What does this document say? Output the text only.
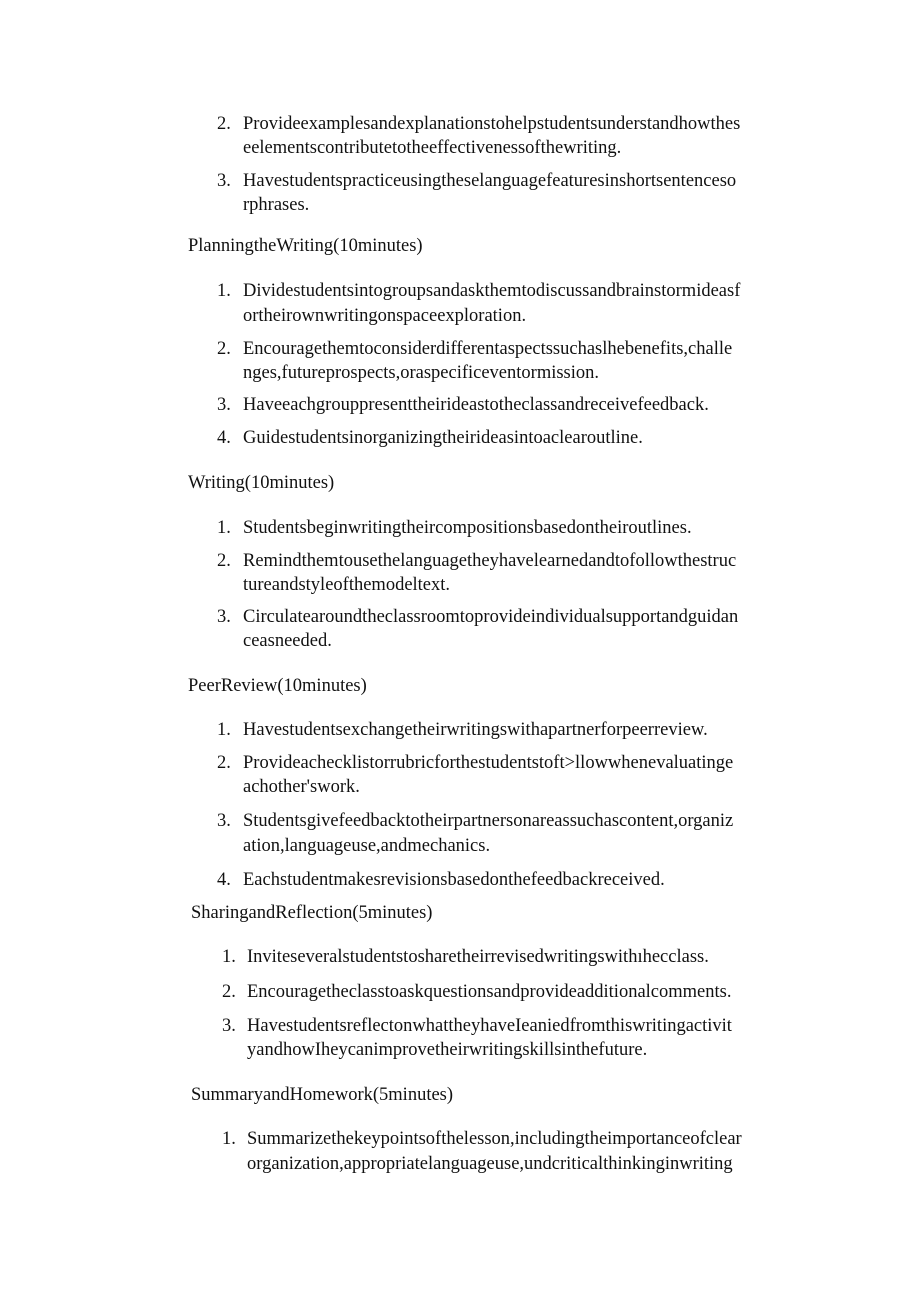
2. Provideexamplesandexplanationstohelpstudentsunderstandhowthes
eelementscontributetotheeffectivenessofthewriting.
3. Havestudentspracticeusingtheselanguagefeaturesinshortsentenceso
rphrases.
PlanningtheWriting(10minutes)
1. Dividestudentsintogroupsandaskthemtodiscussandbrainstormideasf
ortheirownwritingonspaceexploration.
2. Encouragethemtoconsiderdifferentaspectssuchaslhebenefits,challe
nges,futureprospects,oraspecificeventormission.
3. Haveeachgrouppresenttheirideastotheclassandreceivefeedback.
4. Guidestudentsinorganizingtheirideasintoaclearoutline.
Writing(10minutes)
1. Studentsbeginwritingtheircompositionsbasedontheiroutlines.
2. Remindthemtousethelanguagetheyhavelearnedandtofollowthestruc
tureandstyleofthemodeltext.
3. Circulatearoundtheclassroomtoprovideindividualsupportandguidan
ceasneeded.
PeerReview(10minutes)
1. Havestudentsexchangetheirwritingswithapartnerforpeerreview.
2. Provideachecklistorrubricforthestudentstoft>llowwhenevaluatinge
achother'swork.
3. Studentsgivefeedbacktotheirpartnersonareassuchascontent,organiz
ation,languageuse,andmechanics.
4. Eachstudentmakesrevisionsbasedonthefeedbackreceived.
SharingandReflection(5minutes)
1. Inviteseveralstudentstosharetheirrevisedwritingswithıhecclass.
2. Encouragetheclasstoaskquestionsandprovideadditionalcomments.
3. HavestudentsreflectonwhattheyhaveIeaniedfromthiswritingactivit
yandhowIheycanimprovetheirwritingskillsinthefuture.
SummaryandHomework(5minutes)
1. Summarizethekeypointsofthelesson,includingtheimportanceofclear
organization,appropriatelanguageuse,undcriticalthinkinginwriting
